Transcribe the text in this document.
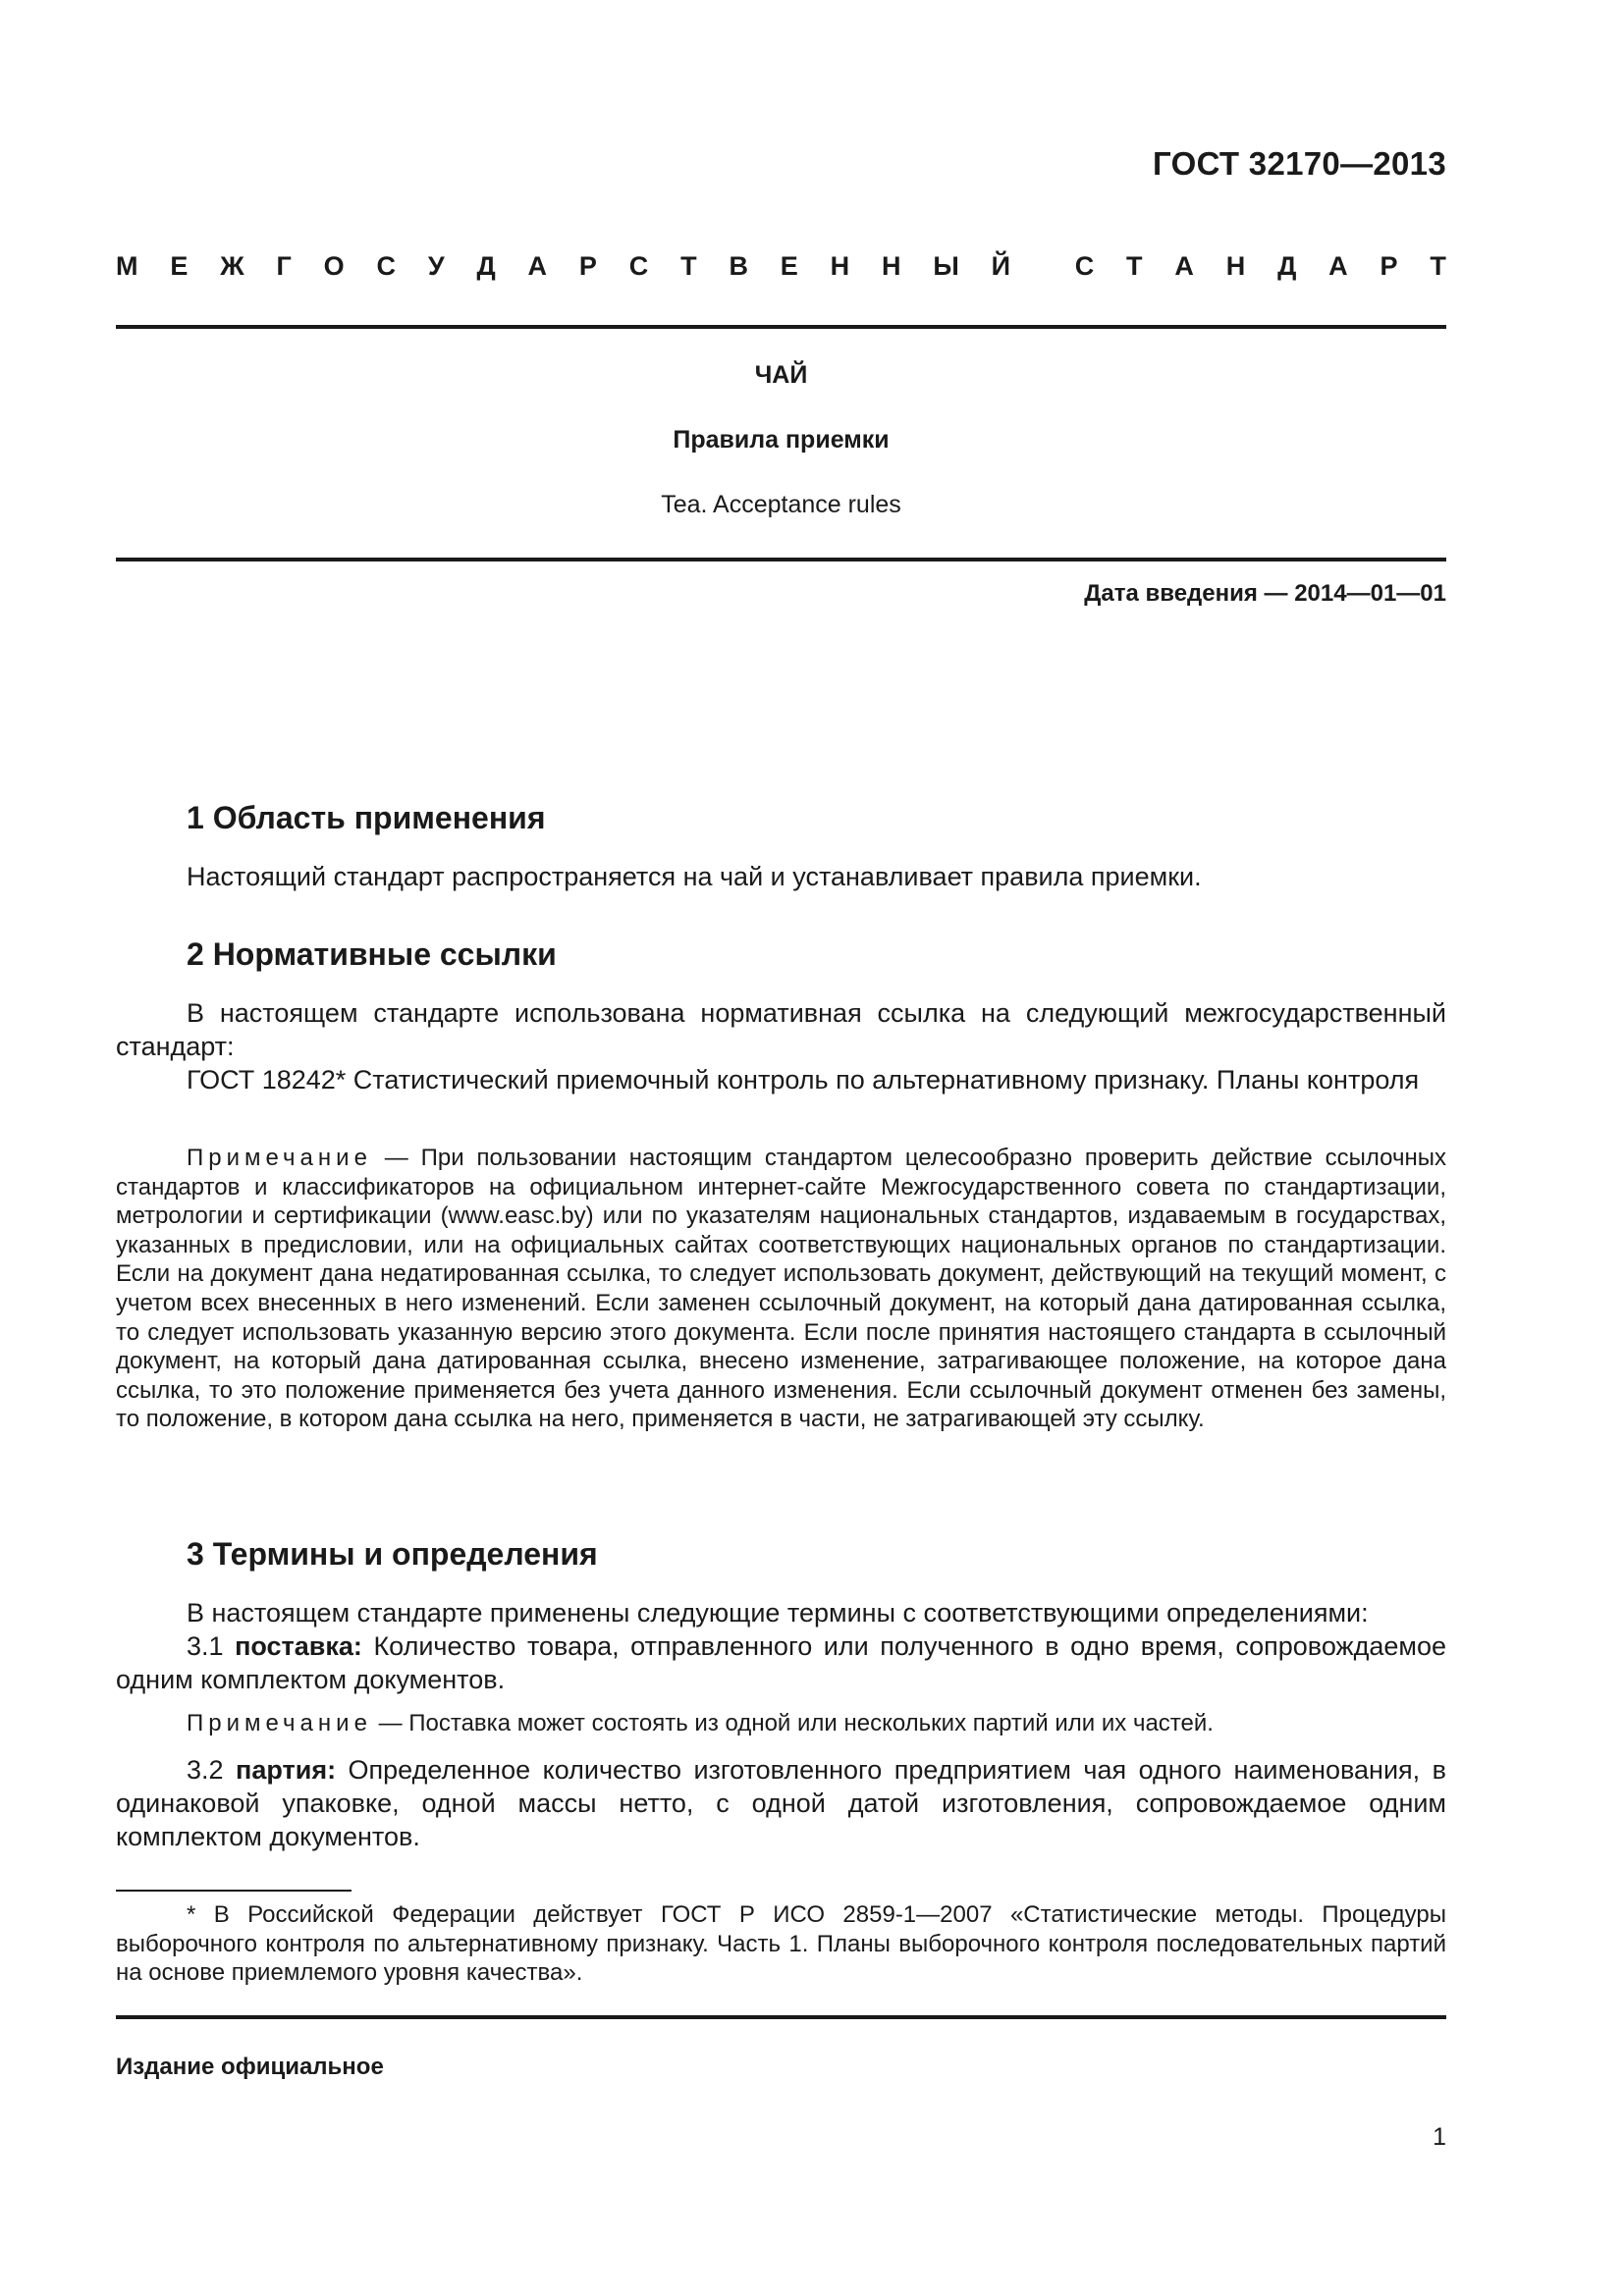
ГОСТ 32170—2013
М Е Ж Г О С У Д А Р С Т В Е Н Н Ы Й С Т А Н Д А Р Т
ЧАЙ
Правила приемки
Tea. Acceptance rules
Дата введения — 2014—01—01
1 Область применения

Настоящий стандарт распространяется на чай и устанавливает правила приемки.

2 Нормативные ссылки

В настоящем стандарте использована нормативная ссылка на следующий межгосударственный стандарт:

ГОСТ 18242* Статистический приемочный контроль по альтернативному признаку. Планы контроля

Примечание — При пользовании настоящим стандартом целесообразно проверить действие ссылочных стандартов и классификаторов на официальном интернет-сайте Межгосударственного совета по стандартизации, метрологии и сертификации (www.easc.by) или по указателям национальных стандартов, издаваемым в государствах, указанных в предисловии, или на официальных сайтах соответствующих национальных органов по стандартизации. Если на документ дана недатированная ссылка, то следует использовать документ, действующий на текущий момент, с учетом всех внесенных в него изменений. Если заменен ссылочный документ, на который дана датированная ссылка, то следует использовать указанную версию этого документа. Если после принятия настоящего стандарта в ссылочный документ, на который дана датированная ссылка, внесено изменение, затрагивающее положение, на которое дана ссылка, то это положение применяется без учета данного изменения. Если ссылочный документ отменен без замены, то положение, в котором дана ссылка на него, применяется в части, не затрагивающей эту ссылку.

3 Термины и определения

В настоящем стандарте применены следующие термины с соответствующими определениями:

3.1 поставка: Количество товара, отправленного или полученного в одно время, сопровождаемое одним комплектом документов.

Примечание — Поставка может состоять из одной или нескольких партий или их частей.

3.2 партия: Определенное количество изготовленного предприятием чая одного наименования, в одинаковой упаковке, одной массы нетто, с одной датой изготовления, сопровождаемое одним комплектом документов.

* В Российской Федерации действует ГОСТ Р ИСО 2859-1—2007 «Статистические методы. Процедуры выборочного контроля по альтернативному признаку. Часть 1. Планы выборочного контроля последовательных партий на основе приемлемого уровня качества».

Издание официальное
1
